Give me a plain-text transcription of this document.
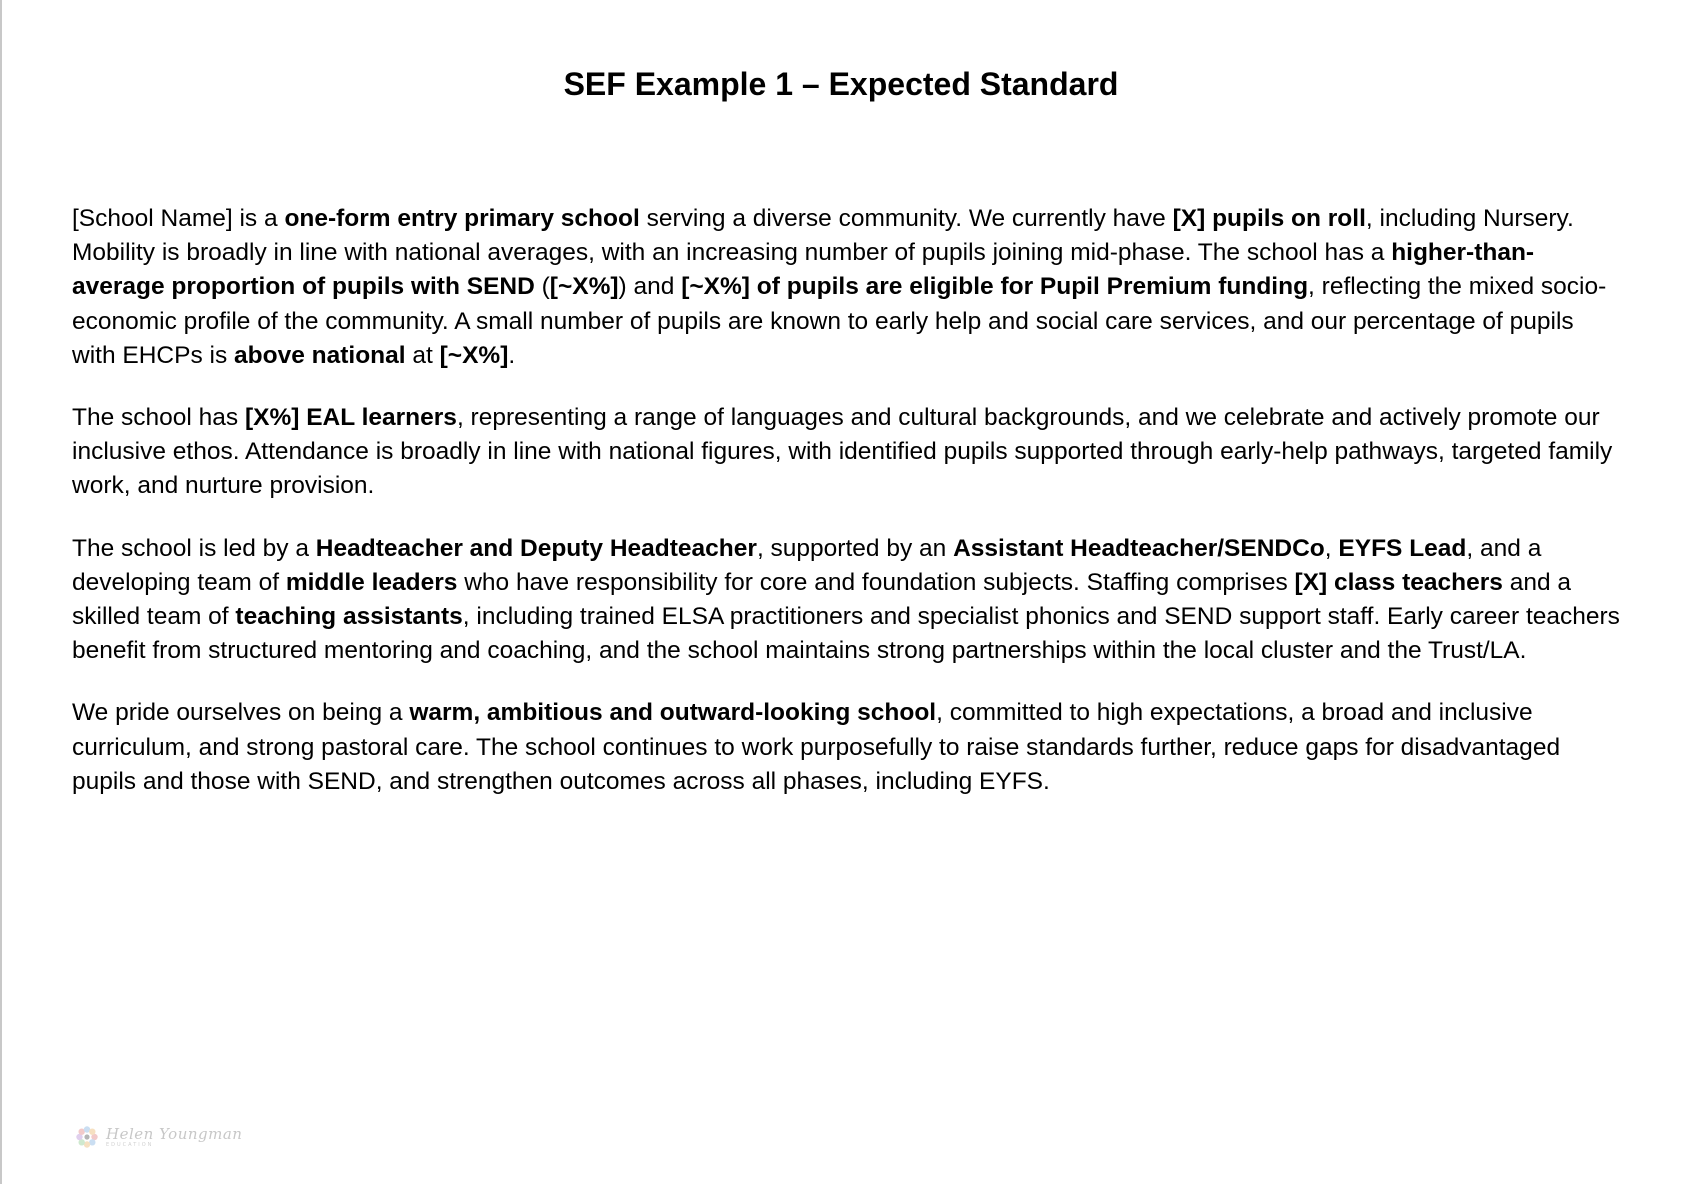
SEF Example 1 – Expected Standard

[School Name] is a one-form entry primary school serving a diverse community. We currently have [X] pupils on roll, including Nursery. Mobility is broadly in line with national averages, with an increasing number of pupils joining mid-phase. The school has a higher-than-average proportion of pupils with SEND ([~X%]) and [~X%] of pupils are eligible for Pupil Premium funding, reflecting the mixed socio-economic profile of the community. A small number of pupils are known to early help and social care services, and our percentage of pupils with EHCPs is above national at [~X%].

The school has [X%] EAL learners, representing a range of languages and cultural backgrounds, and we celebrate and actively promote our inclusive ethos. Attendance is broadly in line with national figures, with identified pupils supported through early-help pathways, targeted family work, and nurture provision.

The school is led by a Headteacher and Deputy Headteacher, supported by an Assistant Headteacher/SENDCo, EYFS Lead, and a developing team of middle leaders who have responsibility for core and foundation subjects. Staffing comprises [X] class teachers and a skilled team of teaching assistants, including trained ELSA practitioners and specialist phonics and SEND support staff. Early career teachers benefit from structured mentoring and coaching, and the school maintains strong partnerships within the local cluster and the Trust/LA.

We pride ourselves on being a warm, ambitious and outward-looking school, committed to high expectations, a broad and inclusive curriculum, and strong pastoral care. The school continues to work purposefully to raise standards further, reduce gaps for disadvantaged pupils and those with SEND, and strengthen outcomes across all phases, including EYFS.

Helen Youngman
EDUCATION
